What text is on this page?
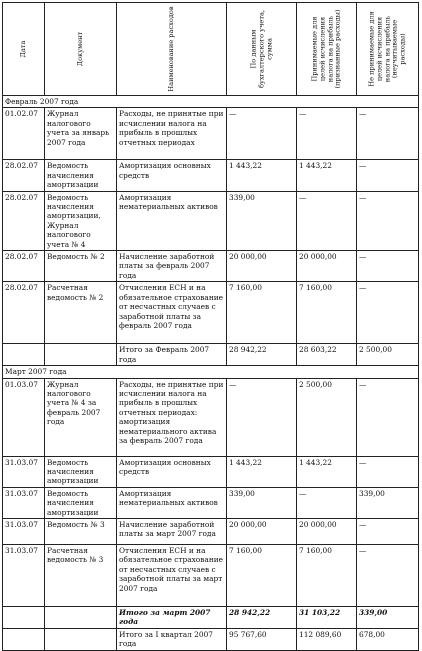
Дата	Документ	Наименование расходов	По данным бухгалтерского учета, сумма	Принимаемые для целей исчисления налога на прибыль (признанные расходы)	Не принимаемые для целей исчисления налога на прибыль (неучитываемые расходы)

Февраль 2007 года					
01.02.07	Журнал налогового учета за январь 2007 года	Расходы, не принятые при исчислении налога на прибыль в прошлых отчетных периодах	—	—	—
28.02.07	Ведомость начисления амортизации	Амортизация основных средств	1 443,22	1 443,22	—
28.02.07	Ведомость начисления амортизации, Журнал налогового учета № 4	Амортизация нематериальных активов	339,00	—	—
28.02.07	Ведомость № 2	Начисление заработной платы за февраль 2007 года	20 000,00	20 000,00	—
28.02.07	Расчетная ведомость № 2	Отчисления ЕСН и на обязательное страхование от несчастных случаев с заработной платы за февраль 2007 года	7 160,00	7 160,00	—
		Итого за Февраль 2007 года	28 942,22	28 603,22	2 500,00
Март 2007 года					
01.03.07	Журнал налогового учета № 4 за февраль 2007 года	Расходы, не принятые при исчислении налога на прибыль в прошлых отчетных периодах: амортизация нематериального актива за февраль 2007 года	—	2 500,00	—
31.03.07	Ведомость начисления амортизации	Амортизация основных средств	1 443,22	1 443,22	—
31.03.07	Ведомость начисления амортизации	Амортизация нематериальных активов	339,00	—	339,00
31.03.07	Ведомость № 3	Начисление заработной платы за март 2007 года	20 000,00	20 000,00	—
31.03.07	Расчетная ведомость № 3	Отчисления ЕСН и на обязательное страхование от несчастных случаев с заработной платы за март 2007 года	7 160,00	7 160,00	—
		Итого за март 2007 года	28 942,22	31 103,22	339,00
		Итого за I квартал 2007 года	95 767,60	112 089,60	678,00
